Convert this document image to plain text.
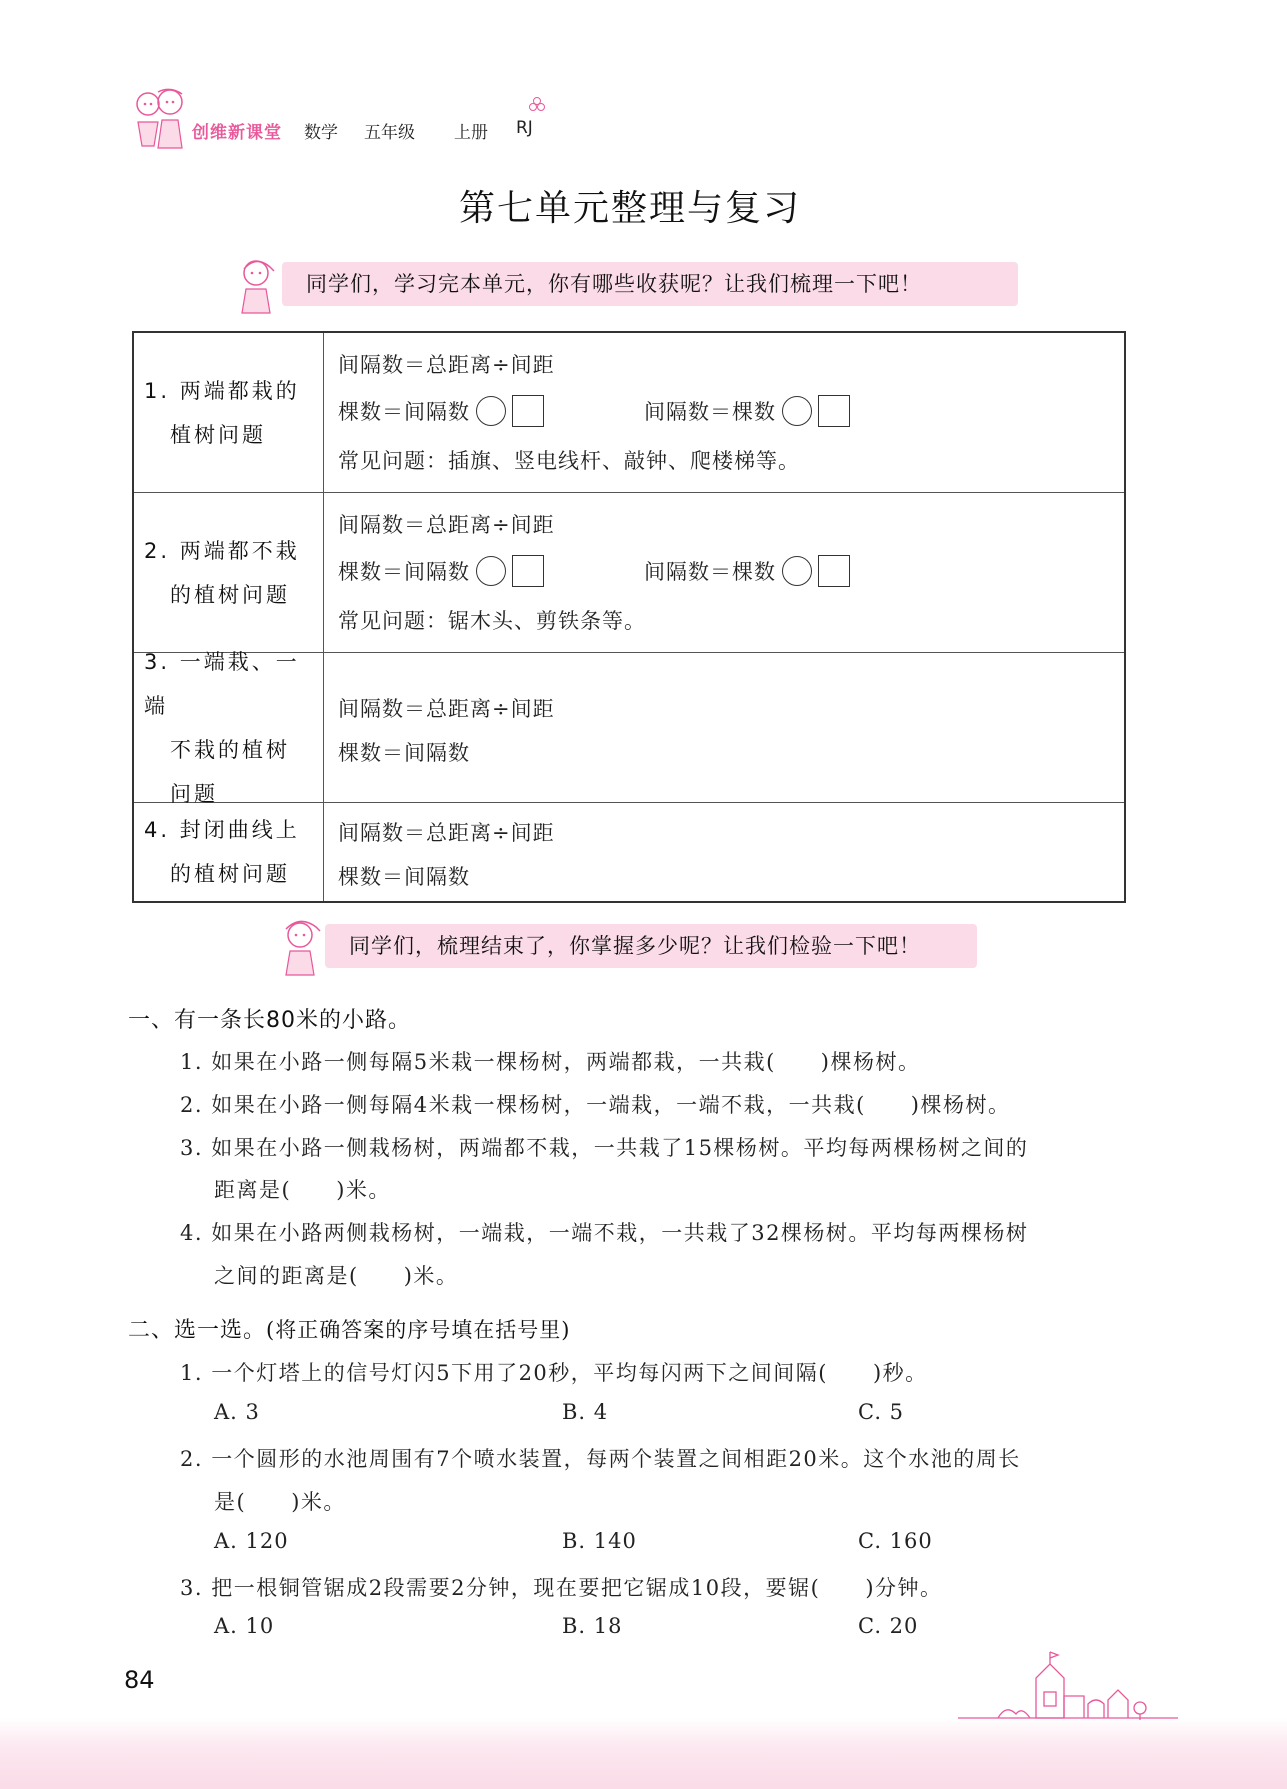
创维新课堂 数学 五年级 上册 RJ
第七单元整理与复习
同学们，学习完本单元，你有哪些收获呢？让我们梳理一下吧！
1. 两端都栽的
植树问题
间隔数＝总距离÷间距
棵数＝间隔数	间隔数＝棵数
常见问题：插旗、竖电线杆、敲钟、爬楼梯等。
2. 两端都不栽
的植树问题
间隔数＝总距离÷间距
棵数＝间隔数	间隔数＝棵数
常见问题：锯木头、剪铁条等。
3. 一端栽、一端
不栽的植树
问题
间隔数＝总距离÷间距
棵数＝间隔数
4. 封闭曲线上
的植树问题
间隔数＝总距离÷间距
棵数＝间隔数
同学们，梳理结束了，你掌握多少呢？让我们检验一下吧！
一、有一条长80米的小路。
1. 如果在小路一侧每隔5米栽一棵杨树，两端都栽，一共栽(　　)棵杨树。
2. 如果在小路一侧每隔4米栽一棵杨树，一端栽，一端不栽，一共栽(　　)棵杨树。
3. 如果在小路一侧栽杨树，两端都不栽，一共栽了15棵杨树。平均每两棵杨树之间的
距离是(　　)米。
4. 如果在小路两侧栽杨树，一端栽，一端不栽，一共栽了32棵杨树。平均每两棵杨树
之间的距离是(　　)米。
二、选一选。(将正确答案的序号填在括号里)
1. 一个灯塔上的信号灯闪5下用了20秒，平均每闪两下之间间隔(　　)秒。
A. 3	B. 4	C. 5
2. 一个圆形的水池周围有7个喷水装置，每两个装置之间相距20米。这个水池的周长
是(　　)米。
A. 120	B. 140	C. 160
3. 把一根铜管锯成2段需要2分钟，现在要把它锯成10段，要锯(　　)分钟。
A. 10	B. 18	C. 20
84
